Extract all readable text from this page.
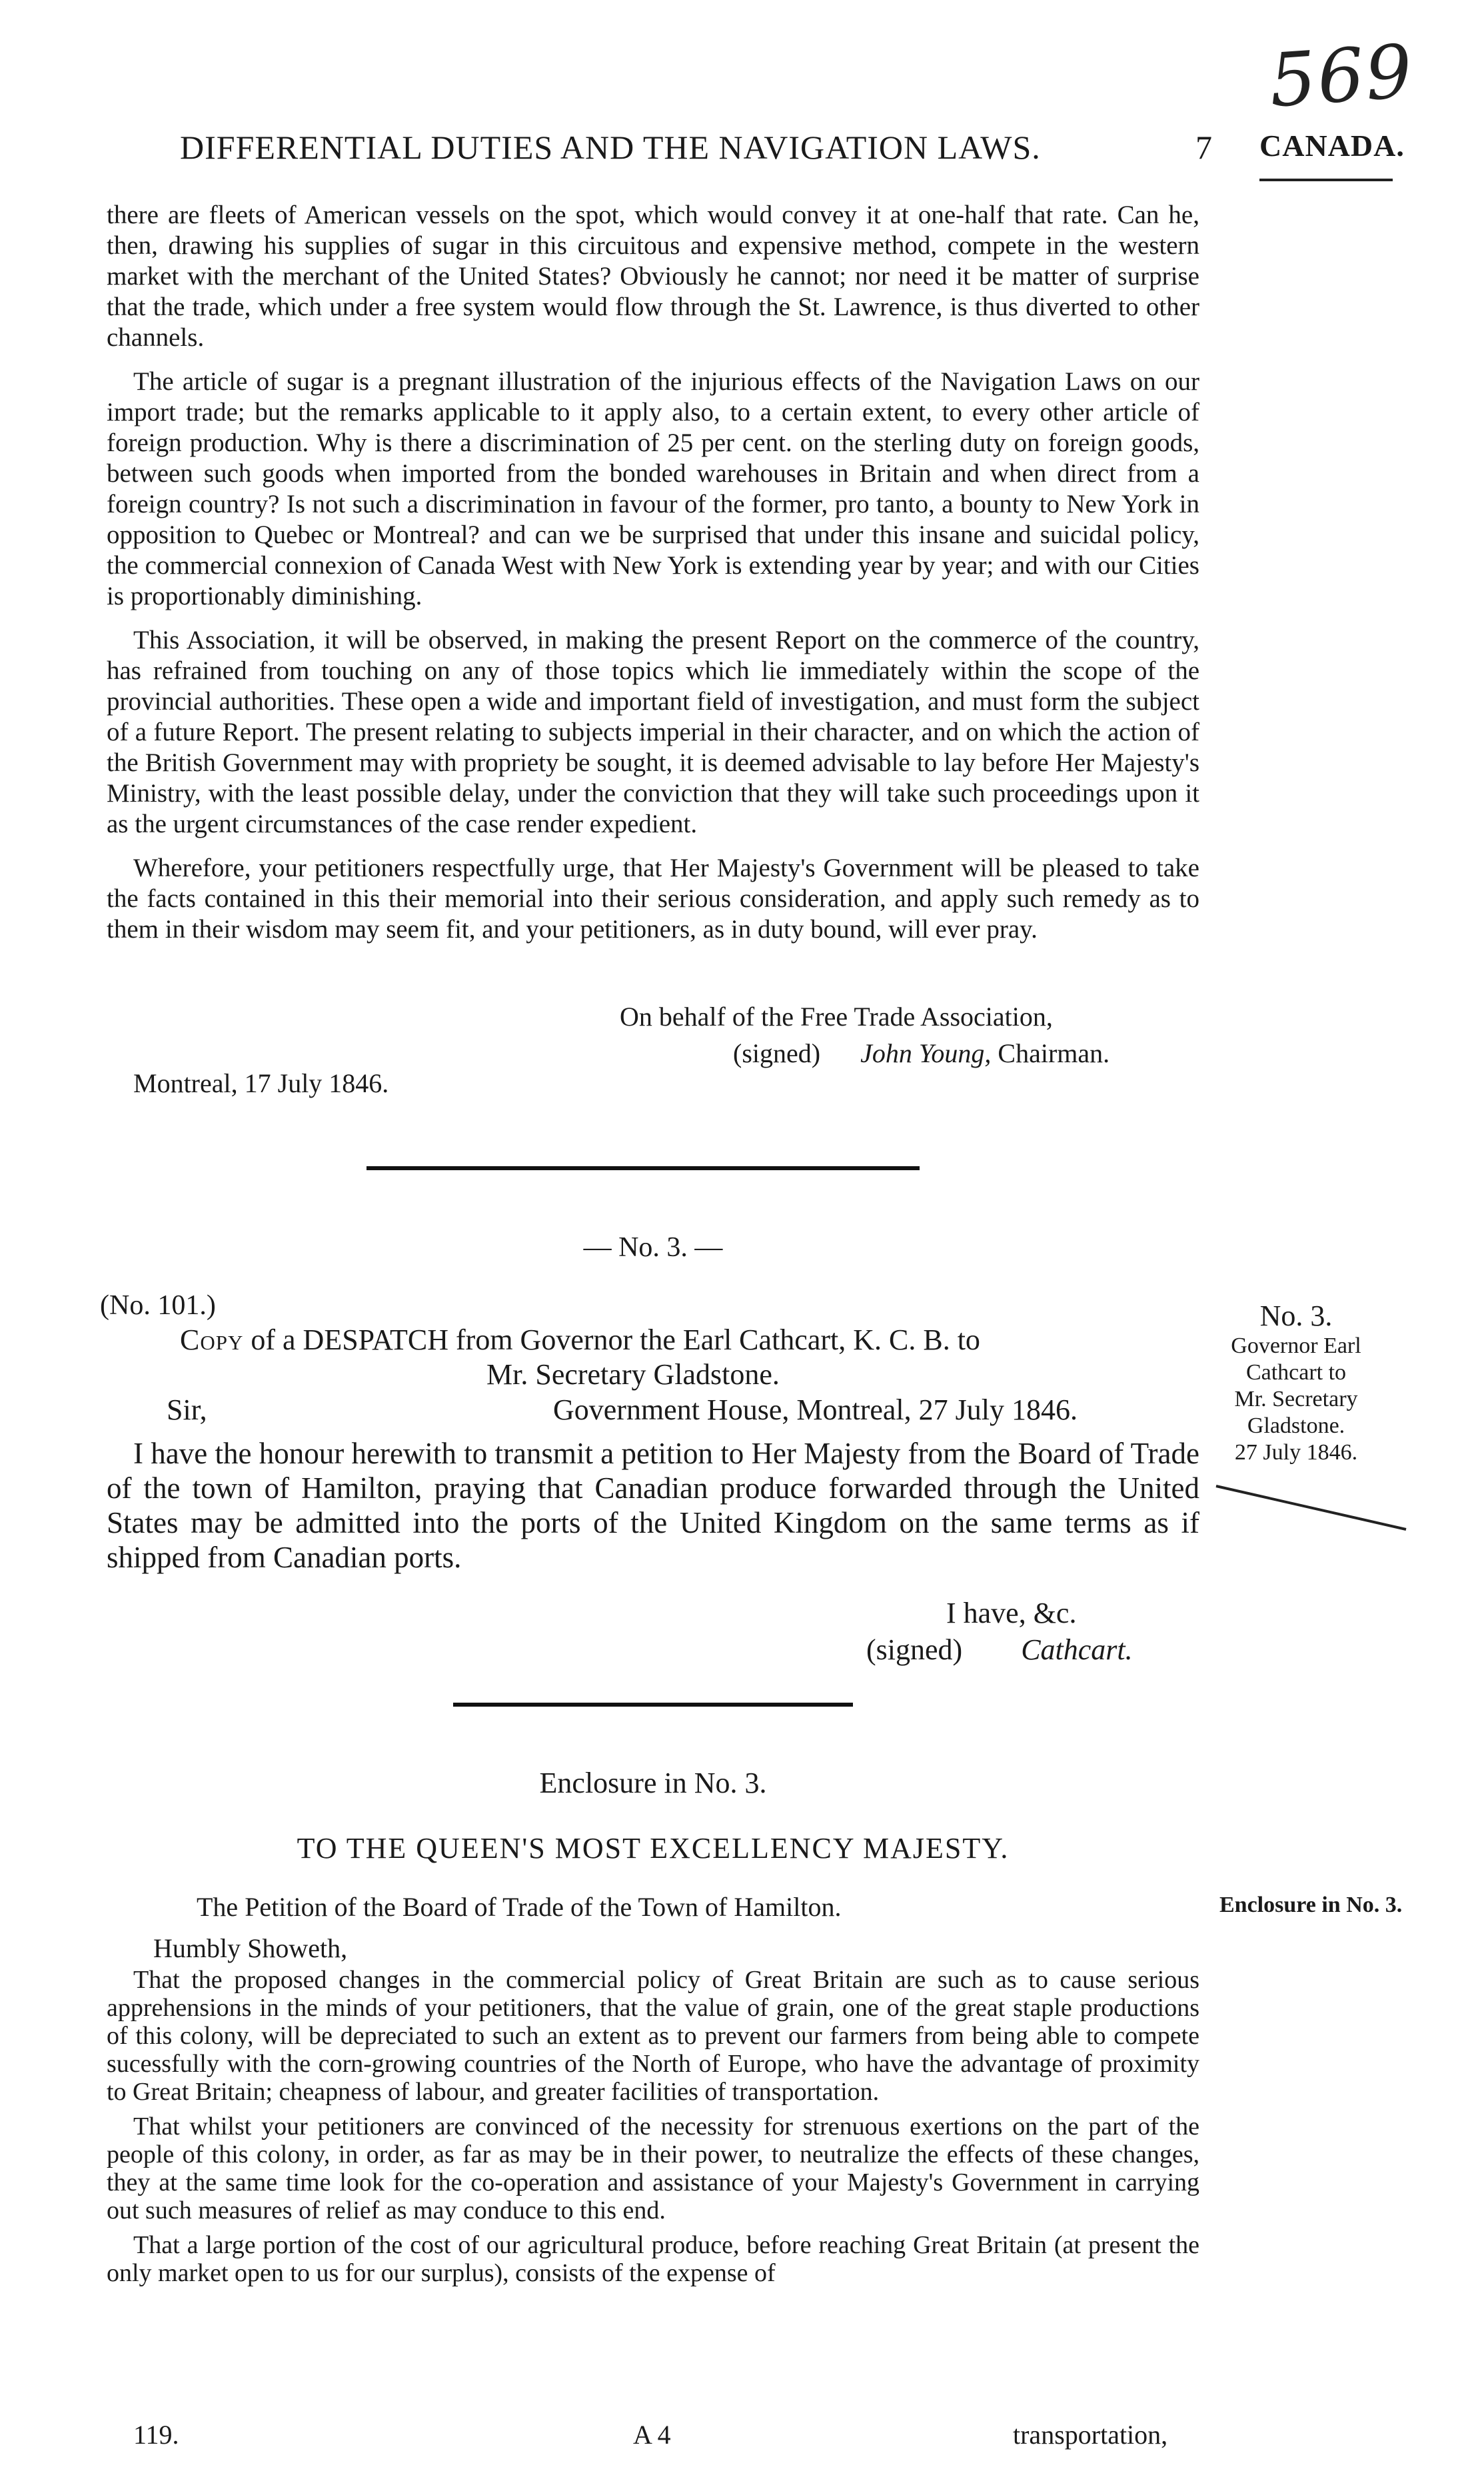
569
DIFFERENTIAL DUTIES AND THE NAVIGATION LAWS.	7 CANADA.

there are fleets of American vessels on the spot, which would convey it at one-half that rate. Can he, then, drawing his supplies of sugar in this circuitous and expensive method, compete in the western market with the merchant of the United States? Obviously he cannot; nor need it be matter of surprise that the trade, which under a free system would flow through the St. Lawrence, is thus diverted to other channels.

The article of sugar is a pregnant illustration of the injurious effects of the Navigation Laws on our import trade; but the remarks applicable to it apply also, to a certain extent, to every other article of foreign production. Why is there a discrimination of 25 per cent. on the sterling duty on foreign goods, between such goods when imported from the bonded warehouses in Britain and when direct from a foreign country? Is not such a discrimination in favour of the former, pro tanto, a bounty to New York in opposition to Quebec or Montreal? and can we be surprised that under this insane and suicidal policy, the commercial connexion of Canada West with New York is extending year by year; and with our Cities is proportionably diminishing.

This Association, it will be observed, in making the present Report on the commerce of the country, has refrained from touching on any of those topics which lie immediately within the scope of the provincial authorities. These open a wide and important field of investigation, and must form the subject of a future Report. The present relating to subjects imperial in their character, and on which the action of the British Government may with propriety be sought, it is deemed advisable to lay before Her Majesty's Ministry, with the least possible delay, under the conviction that they will take such proceedings upon it as the urgent circumstances of the case render expedient.

Wherefore, your petitioners respectfully urge, that Her Majesty's Government will be pleased to take the facts contained in this their memorial into their serious consideration, and apply such remedy as to them in their wisdom may seem fit, and your petitioners, as in duty bound, will ever pray.

On behalf of the Free Trade Association,
(signed) John Young, Chairman.
Montreal, 17 July 1846.
— No. 3. —
(No. 101.)
Copy of a DESPATCH from Governor the Earl Cathcart, K. C. B. to
Mr. Secretary Gladstone.
Sir,	Government House, Montreal, 27 July 1846.

I have the honour herewith to transmit a petition to Her Majesty from the Board of Trade of the town of Hamilton, praying that Canadian produce forwarded through the United States may be admitted into the ports of the United Kingdom on the same terms as if shipped from Canadian ports.

I have, &c.
(signed) Cathcart.
No. 3.
Governor Earl
Cathcart to
Mr. Secretary
Gladstone.
27 July 1846.
Enclosure in No. 3.
TO THE QUEEN'S MOST EXCELLENCY MAJESTY.
The Petition of the Board of Trade of the Town of Hamilton.	Enclosure in No. 3.
Humbly Showeth,

That the proposed changes in the commercial policy of Great Britain are such as to cause serious apprehensions in the minds of your petitioners, that the value of grain, one of the great staple productions of this colony, will be depreciated to such an extent as to prevent our farmers from being able to compete sucessfully with the corn-growing countries of the North of Europe, who have the advantage of proximity to Great Britain; cheapness of labour, and greater facilities of transportation.

That whilst your petitioners are convinced of the necessity for strenuous exertions on the part of the people of this colony, in order, as far as may be in their power, to neutralize the effects of these changes, they at the same time look for the co-operation and assistance of your Majesty's Government in carrying out such measures of relief as may conduce to this end.

That a large portion of the cost of our agricultural produce, before reaching Great Britain (at present the only market open to us for our surplus), consists of the expense of

119.	A 4	transportation,
